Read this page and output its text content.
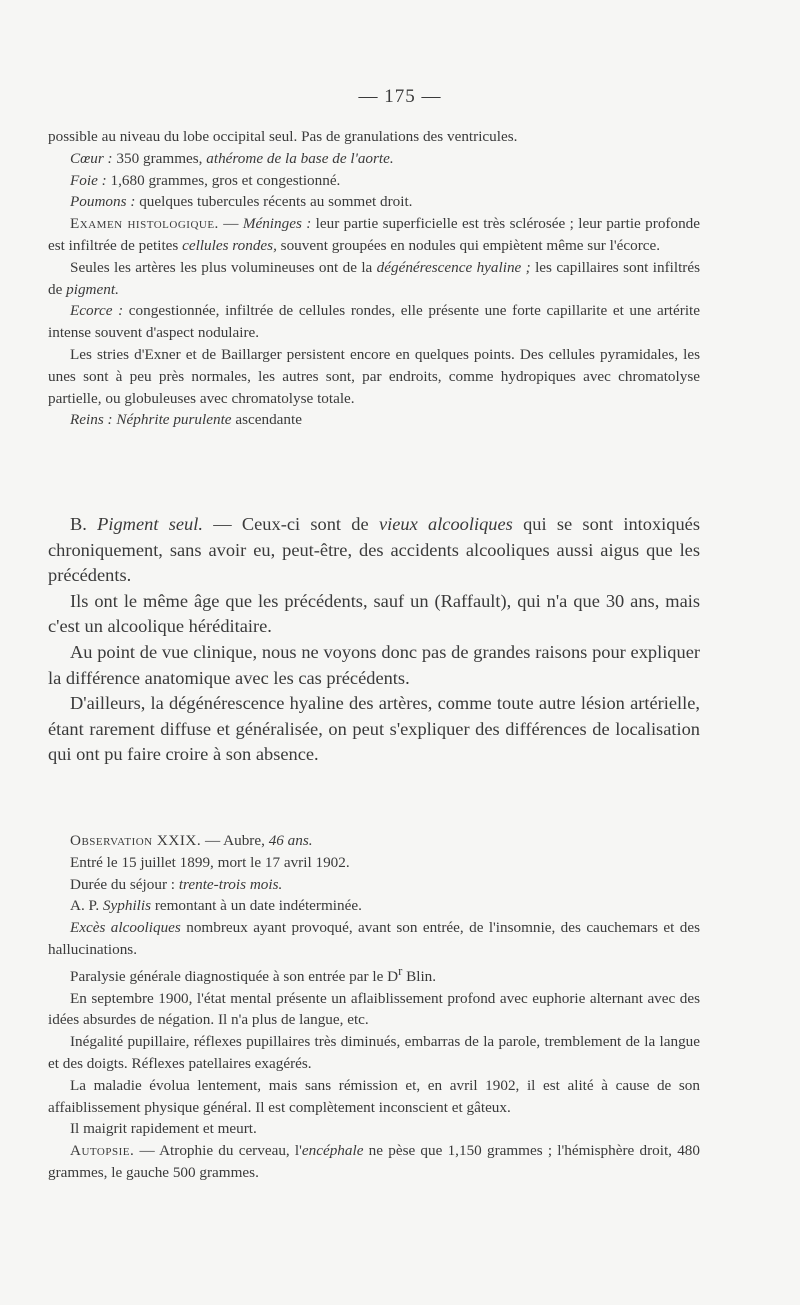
— 175 —

possible au niveau du lobe occipital seul. Pas de granulations des ventricules.

Cœur : 350 grammes, athérome de la base de l'aorte.

Foie : 1,680 grammes, gros et congestionné.

Poumons : quelques tubercules récents au sommet droit.

Examen histologique. — Méninges : leur partie superficielle est très sclérosée ; leur partie profonde est infiltrée de petites cellules rondes, souvent groupées en nodules qui empiètent même sur l'écorce.

Seules les artères les plus volumineuses ont de la dégénérescence hyaline ; les capillaires sont infiltrés de pigment.

Ecorce : congestionnée, infiltrée de cellules rondes, elle présente une forte capillarite et une artérite intense souvent d'aspect nodulaire.

Les stries d'Exner et de Baillarger persistent encore en quelques points. Des cellules pyramidales, les unes sont à peu près normales, les autres sont, par endroits, comme hydropiques avec chromatolyse partielle, ou globuleuses avec chromatolyse totale.

Reins : Néphrite purulente ascendante

B. Pigment seul. — Ceux-ci sont de vieux alcooliques qui se sont intoxiqués chroniquement, sans avoir eu, peut-être, des accidents alcooliques aussi aigus que les précédents.

Ils ont le même âge que les précédents, sauf un (Raffault), qui n'a que 30 ans, mais c'est un alcoolique héréditaire.

Au point de vue clinique, nous ne voyons donc pas de grandes raisons pour expliquer la différence anatomique avec les cas précédents.

D'ailleurs, la dégénérescence hyaline des artères, comme toute autre lésion artérielle, étant rarement diffuse et généralisée, on peut s'expliquer des différences de localisation qui ont pu faire croire à son absence.

Observation XXIX. — Aubre, 46 ans.

Entré le 15 juillet 1899, mort le 17 avril 1902.

Durée du séjour : trente-trois mois.

A. P. Syphilis remontant à un date indéterminée.

Excès alcooliques nombreux ayant provoqué, avant son entrée, de l'insomnie, des cauchemars et des hallucinations.

Paralysie générale diagnostiquée à son entrée par le $D^r$ Blin.

En septembre 1900, l'état mental présente un aflaiblissement profond avec euphorie alternant avec des idées absurdes de négation. Il n'a plus de langue, etc.

Inégalité pupillaire, réflexes pupillaires très diminués, embarras de la parole, tremblement de la langue et des doigts. Réflexes patellaires exagérés.

La maladie évolua lentement, mais sans rémission et, en avril 1902, il est alité à cause de son affaiblissement physique général. Il est complètement inconscient et gâteux.

Il maigrit rapidement et meurt.

Autopsie. — Atrophie du cerveau, l'encéphale ne pèse que 1,150 grammes ; l'hémisphère droit, 480 grammes, le gauche 500 grammes.
